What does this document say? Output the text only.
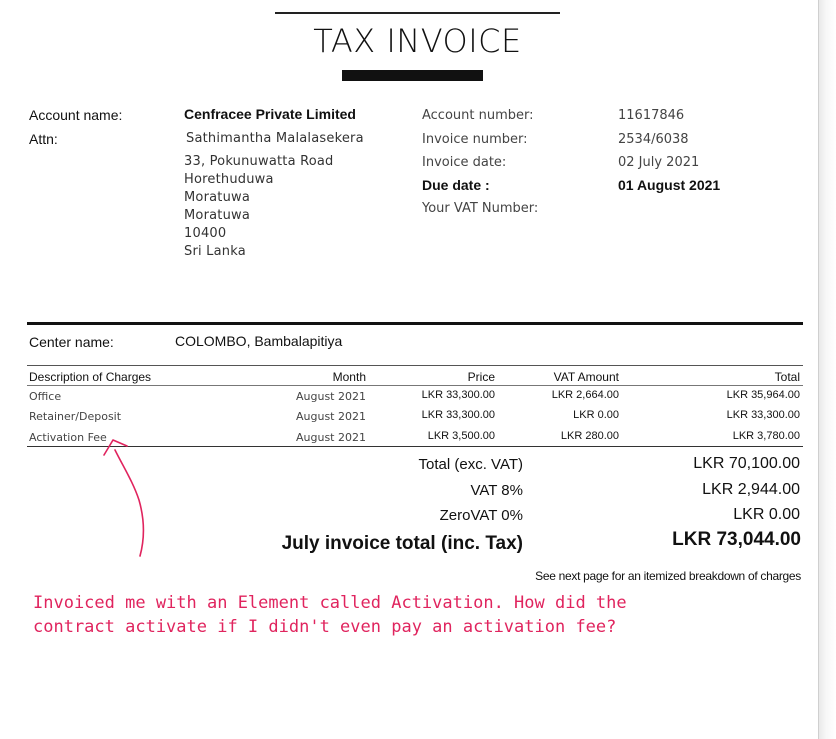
TAX INVOICE
Account name:	Cenfracee Private Limited
Attn:	Sathimantha Malalasekera
33, Pokunuwatta Road
Horethuduwa
Moratuwa
Moratuwa
10400
Sri Lanka
Account number:	11617846
Invoice number:	2534/6038
Invoice date:	02 July 2021
Due date :	01 August 2021
Your VAT Number:
Center name:	COLOMBO, Bambalapitiya
Description of Charges	Month	Price	VAT Amount	Total
Office	August 2021	LKR 33,300.00	LKR 2,664.00	LKR 35,964.00
Retainer/Deposit	August 2021	LKR 33,300.00	LKR 0.00	LKR 33,300.00
Activation Fee	August 2021	LKR 3,500.00	LKR 280.00	LKR 3,780.00
Total (exc. VAT)	LKR 70,100.00
VAT 8%	LKR 2,944.00
ZeroVAT 0%	LKR 0.00
July invoice total (inc. Tax)	LKR 73,044.00
See next page for an itemized breakdown of charges
Invoiced me with an Element called Activation. How did the
contract activate if I didn't even pay an activation fee?
